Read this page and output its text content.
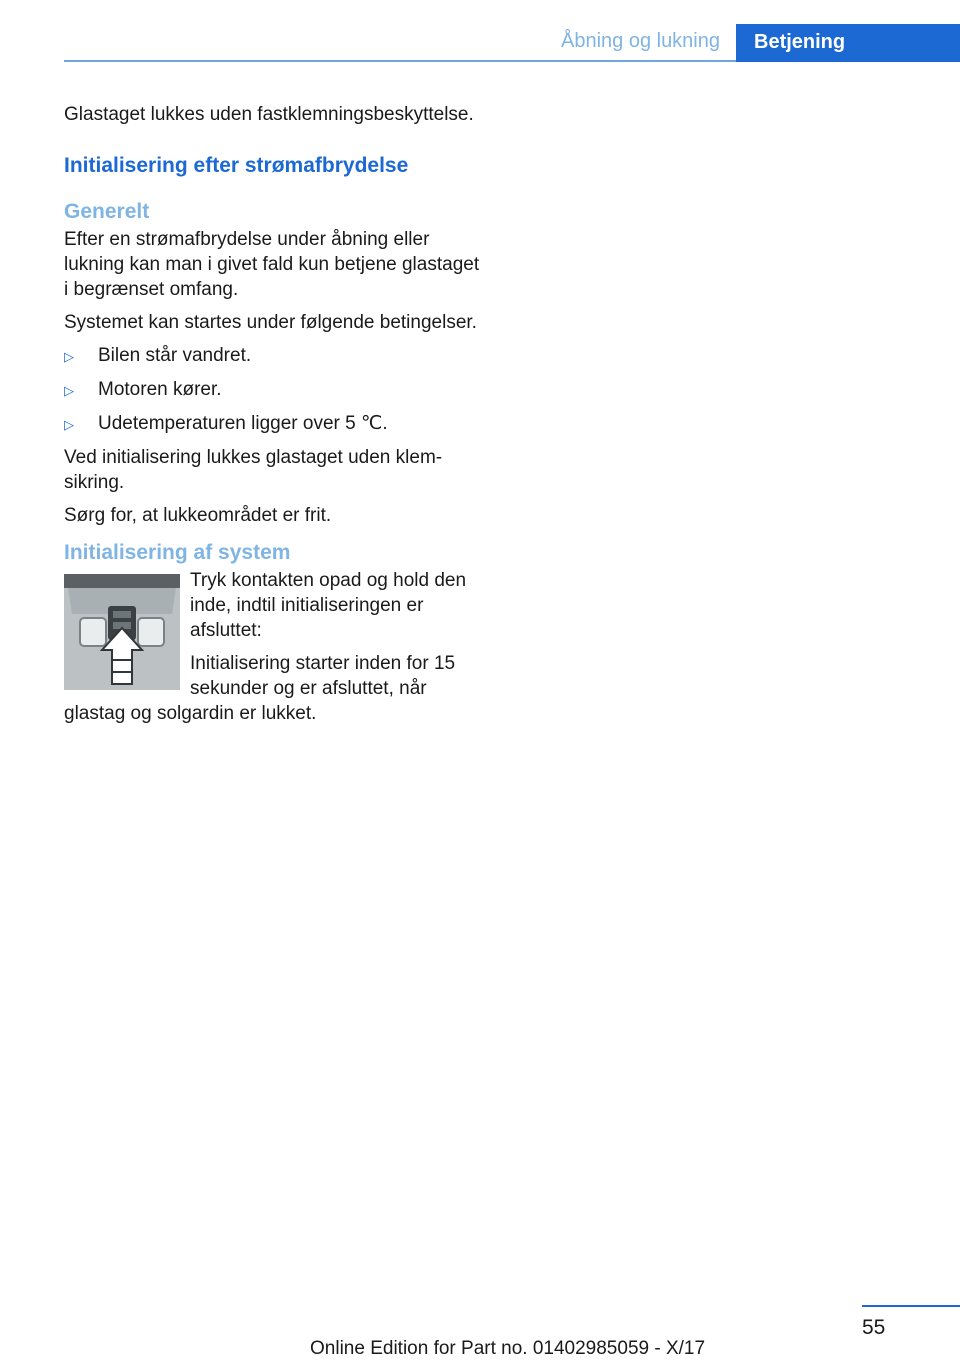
Åbning og lukning	Betjening

Glastaget lukkes uden fastklemningsbeskyttelse.

Initialisering efter strømafbrydelse
Generelt

Efter en strømafbrydelse under åbning eller lukning kan man i givet fald kun betjene glastaget i begrænset omfang.

Systemet kan startes under følgende betingelser.

▷	Bilen står vandret.
▷	Motoren kører.
▷	Udetemperaturen ligger over 5 ℃.

Ved initialisering lukkes glastaget uden klemsikring.

Sørg for, at lukkeområdet er frit.

Initialisering af system

Tryk kontakten opad og hold den inde, indtil initialiseringen er afsluttet:

Initialisering starter inden for 15 sekunder og er afsluttet, når glastag og solgardin er lukket.

55
Online Edition for Part no. 01402985059 - X/17
